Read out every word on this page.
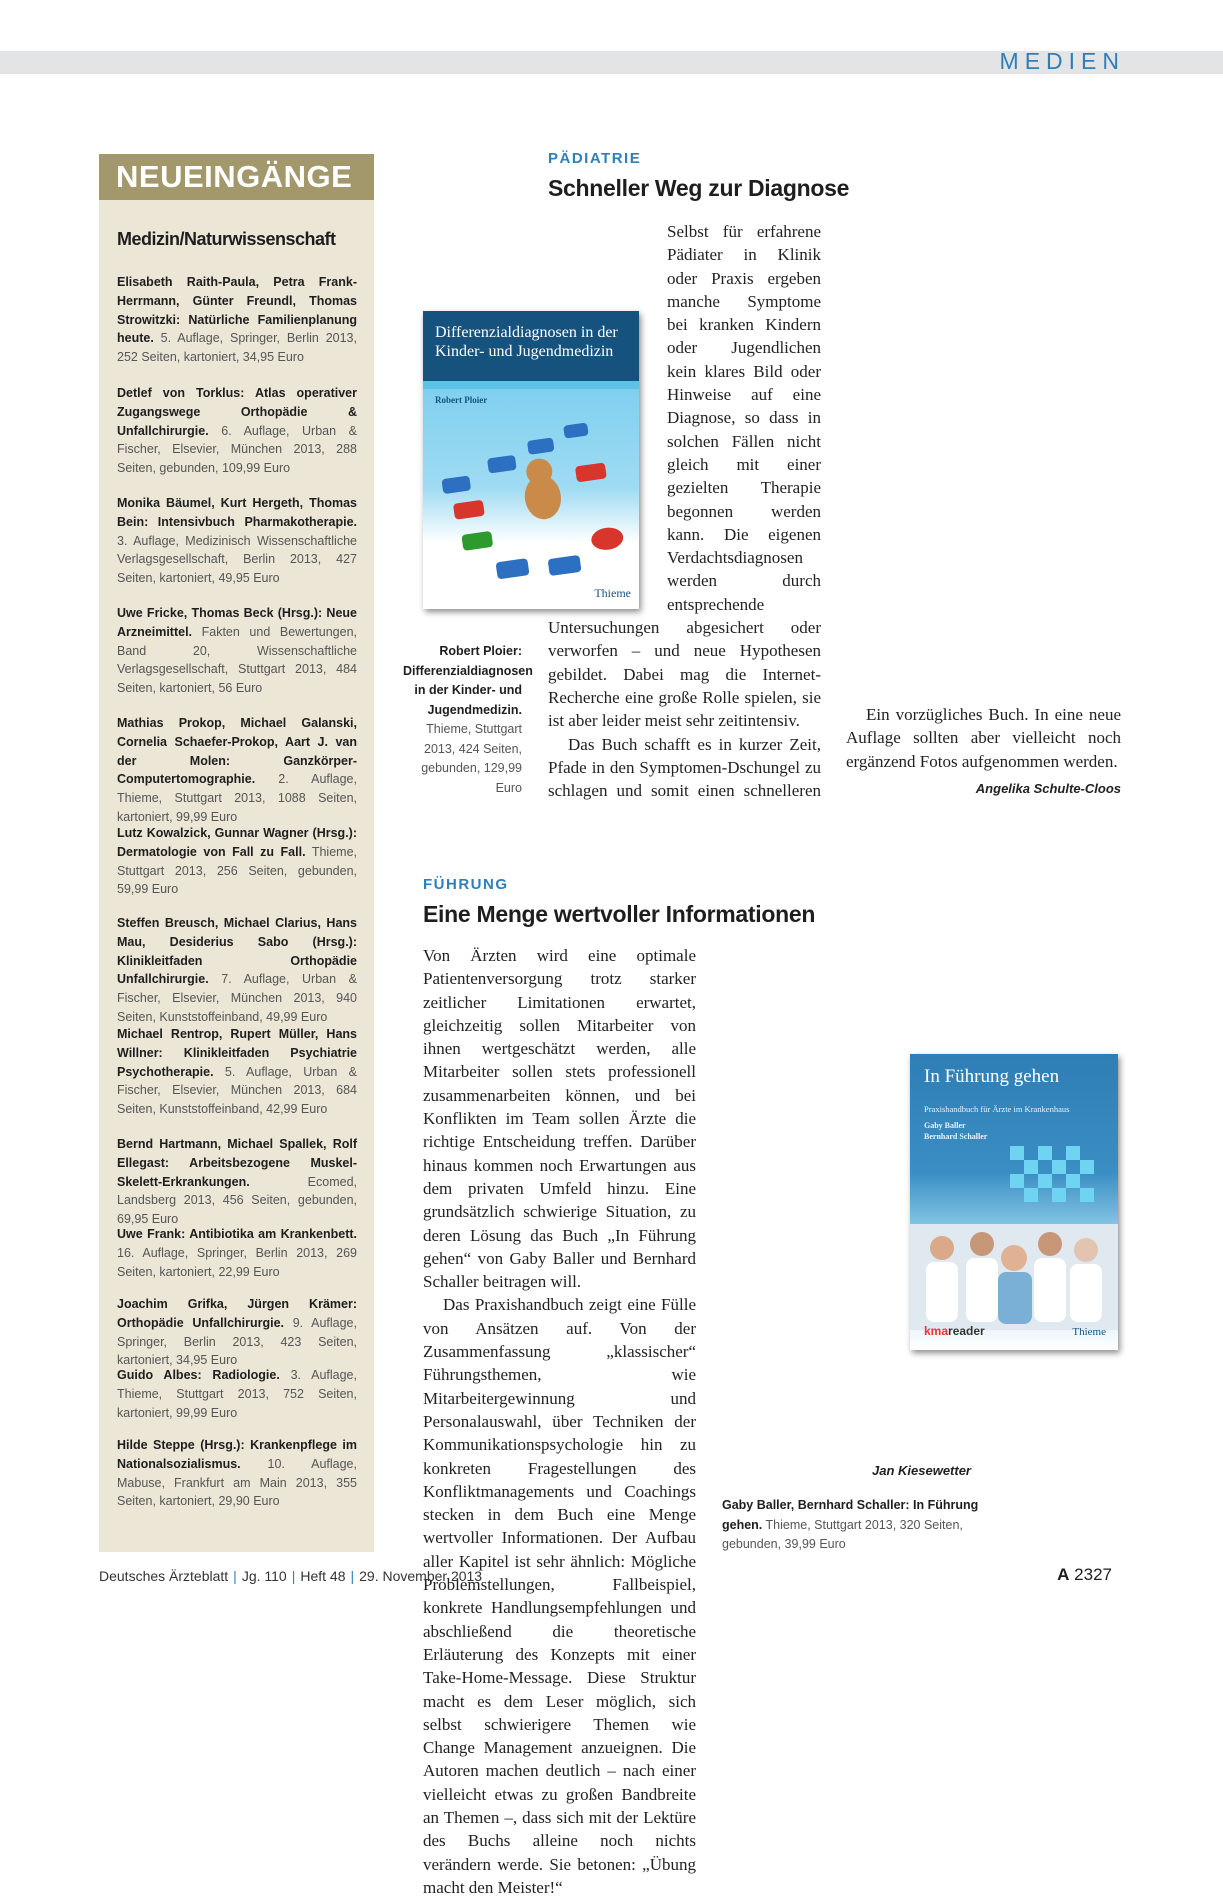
MEDIEN
NEUEINGÄNGE
Medizin/Naturwissenschaft
Elisabeth Raith-Paula, Petra Frank-Herrmann, Günter Freundl, Thomas Strowitzki: Natürliche Familienplanung heute. 5. Auflage, Springer, Berlin 2013, 252 Seiten, kartoniert, 34,95 Euro
Detlef von Torklus: Atlas operativer Zugangswege Orthopädie & Unfallchirurgie. 6. Auflage, Urban & Fischer, Elsevier, München 2013, 288 Seiten, gebunden, 109,99 Euro
Monika Bäumel, Kurt Hergeth, Thomas Bein: Intensivbuch Pharmakotherapie. 3. Auflage, Medizinisch Wissenschaftliche Verlagsgesellschaft, Berlin 2013, 427 Seiten, kartoniert, 49,95 Euro
Uwe Fricke, Thomas Beck (Hrsg.): Neue Arzneimittel. Fakten und Bewertungen, Band 20, Wissenschaftliche Verlagsgesellschaft, Stuttgart 2013, 484 Seiten, kartoniert, 56 Euro
Mathias Prokop, Michael Galanski, Cornelia Schaefer-Prokop, Aart J. van der Molen: Ganzkörper-Computertomographie. 2. Auflage, Thieme, Stuttgart 2013, 1088 Seiten, kartoniert, 99,99 Euro
Lutz Kowalzick, Gunnar Wagner (Hrsg.): Dermatologie von Fall zu Fall. Thieme, Stuttgart 2013, 256 Seiten, gebunden, 59,99 Euro
Steffen Breusch, Michael Clarius, Hans Mau, Desiderius Sabo (Hrsg.): Klinikleitfaden Orthopädie Unfallchirurgie. 7. Auflage, Urban & Fischer, Elsevier, München 2013, 940 Seiten, Kunststoffeinband, 49,99 Euro
Michael Rentrop, Rupert Müller, Hans Willner: Klinikleitfaden Psychiatrie Psychotherapie. 5. Auflage, Urban & Fischer, Elsevier, München 2013, 684 Seiten, Kunststoffeinband, 42,99 Euro
Bernd Hartmann, Michael Spallek, Rolf Ellegast: Arbeitsbezogene Muskel-Skelett-Erkrankungen. Ecomed, Landsberg 2013, 456 Seiten, gebunden, 69,95 Euro
Uwe Frank: Antibiotika am Krankenbett. 16. Auflage, Springer, Berlin 2013, 269 Seiten, kartoniert, 22,99 Euro
Joachim Grifka, Jürgen Krämer: Orthopädie Unfallchirurgie. 9. Auflage, Springer, Berlin 2013, 423 Seiten, kartoniert, 34,95 Euro
Guido Albes: Radiologie. 3. Auflage, Thieme, Stuttgart 2013, 752 Seiten, kartoniert, 99,99 Euro
Hilde Steppe (Hrsg.): Krankenpflege im Nationalsozialismus. 10. Auflage, Mabuse, Frankfurt am Main 2013, 355 Seiten, kartoniert, 29,90 Euro
PÄDIATRIE
Schneller Weg zur Diagnose
Differenzialdiagnosen in der Kinder- und Jugendmedizin
Robert Ploier
Thieme
Robert Ploier: Differenzialdiagnosen in der Kinder- und Jugendmedizin. Thieme, Stuttgart 2013, 424 Seiten, gebunden, 129,99 Euro

Selbst für erfahrene Pädiater in Klinik oder Praxis ergeben manche Symptome bei kranken Kindern oder Jugendlichen kein klares Bild oder Hinweise auf eine Diagnose, so dass in solchen Fällen nicht gleich mit einer gezielten Therapie begonnen werden kann. Die eigenen Verdachtsdiagnosen werden durch entsprechende Untersuchungen abgesichert oder verworfen – und neue Hypothesen gebildet. Dabei mag die Internet-Recherche eine große Rolle spielen, sie ist aber leider meist sehr zeitintensiv.

Das Buch schafft es in kurzer Zeit, Pfade in den Symptomen-Dschungel zu schlagen und somit einen schnelleren

FÜHRUNG
Eine Menge wertvoller Informationen
In Führung gehen
Praxishandbuch für Ärzte im Krankenhaus
Gaby Baller
Bernhard Schaller
kmareader	Thieme

Von Ärzten wird eine optimale Patientenversorgung trotz starker zeitlicher Limitationen erwartet, gleichzeitig sollen Mitarbeiter von ihnen wertgeschätzt werden, alle Mitarbeiter sollen stets professionell zusammenarbeiten können, und bei Konflikten im Team sollen Ärzte die richtige Entscheidung treffen. Darüber hinaus kommen noch Erwartungen aus dem privaten Umfeld hinzu. Eine grundsätzlich schwierige Situation, zu deren Lösung das Buch „In Führung gehen“ von Gaby Baller und Bernhard Schaller beitragen will.

Das Praxishandbuch zeigt eine Fülle von Ansätzen auf. Von der Zusammenfassung „klassischer“ Führungsthemen, wie Mitarbeitergewinnung und Personalauswahl, über Techniken der Kommunikationspsychologie hin zu konkreten Fragestellungen des Konfliktmanagements und Coachings stecken in dem Buch eine Menge wertvoller Informationen. Der Aufbau aller Kapitel ist sehr ähnlich: Mögliche Problemstellungen, Fallbeispiel, konkrete Handlungsempfehlungen und abschließend die theoretische Erläuterung des Konzepts mit einer Take-Home-Message. Diese Struktur macht es dem Leser möglich, sich selbst schwierigere Themen wie Change Management anzueignen. Die Autoren machen deutlich – nach einer vielleicht etwas zu großen Bandbreite an Themen –, dass sich mit der Lektüre des Buchs alleine noch nichts verändern werde. Sie betonen: „Übung macht den Meister!“

Jan Kiesewetter
Gaby Baller, Bernhard Schaller: In Führung gehen. Thieme, Stuttgart 2013, 320 Seiten, gebunden, 39,99 Euro
Deutsches Ärzteblatt | Jg. 110 | Heft 48 | 29. November 2013	A 2327

Ein vorzügliches Buch. In eine neue Auflage sollten aber vielleicht noch ergänzend Fotos aufgenommen werden.

Angelika Schulte-Cloos
